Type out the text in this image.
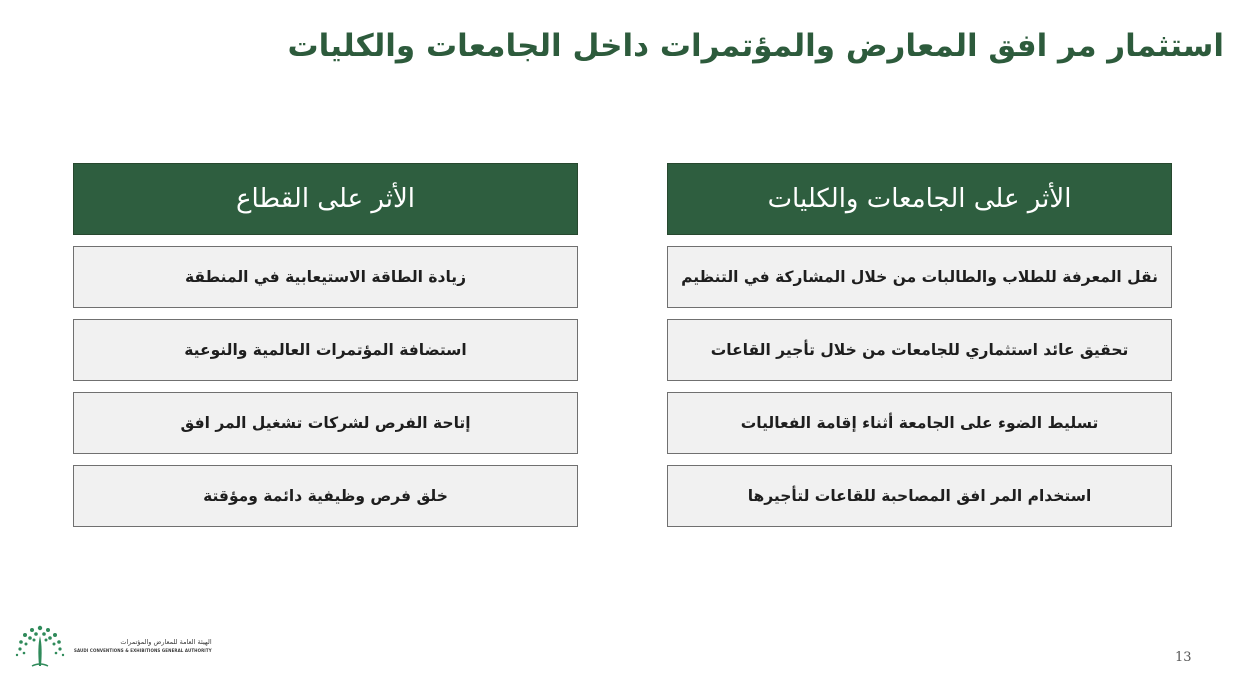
استثمار مر افق المعارض والمؤتمرات داخل الجامعات والكليات
الأثر على الجامعات والكليات
نقل المعرفة للطلاب والطالبات من خلال المشاركة في التنظيم
تحقيق عائد استثماري للجامعات من خلال تأجير القاعات
تسليط الضوء على الجامعة أثناء إقامة الفعاليات
استخدام المر افق المصاحبة للقاعات لتأجيرها
الأثر على القطاع
زيادة الطاقة الاستيعابية في المنطقة
استضافة المؤتمرات العالمية والنوعية
إتاحة الفرص لشركات تشغيل المر افق
خلق فرص وظيفية دائمة ومؤقتة
الهيئة العامة للمعارض والمؤتمرات
SAUDI CONVENTIONS & EXHIBITIONS GENERAL AUTHORITY	13
